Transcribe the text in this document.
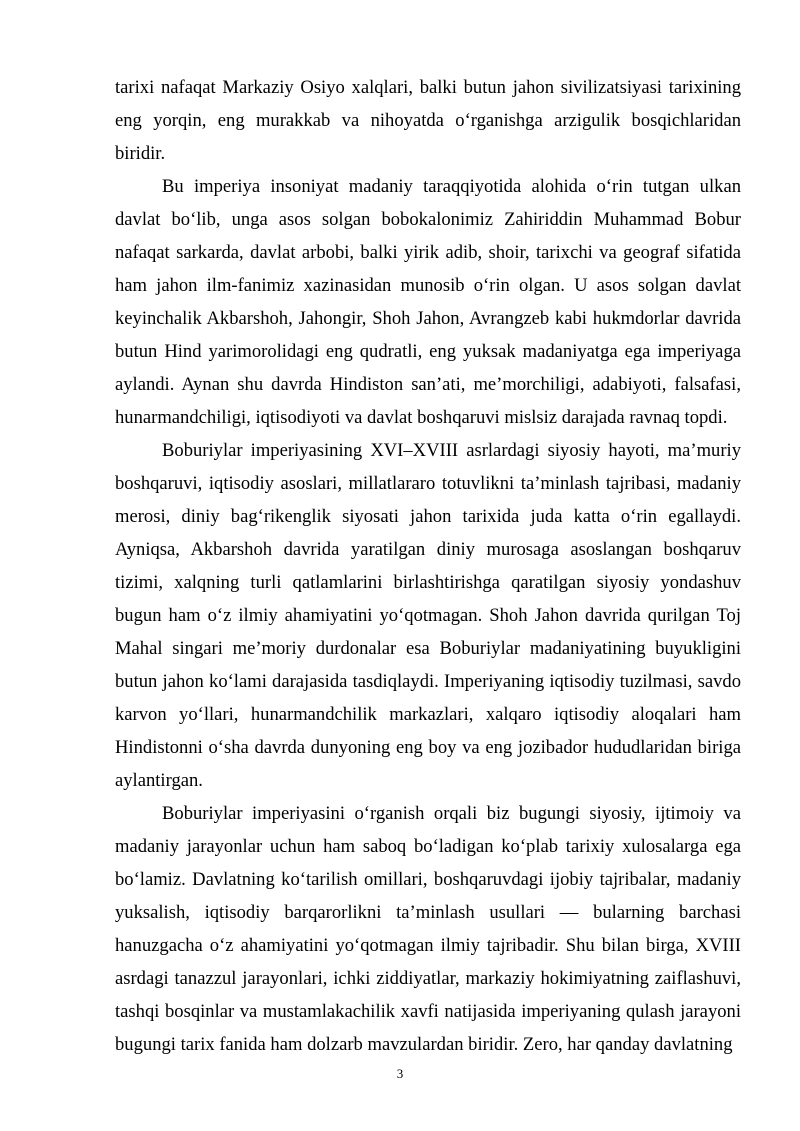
tarixi nafaqat Markaziy Osiyo xalqlari, balki butun jahon sivilizatsiyasi tarixining eng yorqin, eng murakkab va nihoyatda o‘rganishga arzigulik bosqichlaridan biridir.

Bu imperiya insoniyat madaniy taraqqiyotida alohida o‘rin tutgan ulkan davlat bo‘lib, unga asos solgan bobokalonimiz Zahiriddin Muhammad Bobur nafaqat sarkarda, davlat arbobi, balki yirik adib, shoir, tarixchi va geograf sifatida ham jahon ilm-fanimiz xazinasidan munosib o‘rin olgan. U asos solgan davlat keyinchalik Akbarshoh, Jahongir, Shoh Jahon, Avrangzeb kabi hukmdorlar davrida butun Hind yarimorolidagi eng qudratli, eng yuksak madaniyatga ega imperiyaga aylandi. Aynan shu davrda Hindiston san’ati, me’morchiligi, adabiyoti, falsafasi, hunarmandchiligi, iqtisodiyoti va davlat boshqaruvi mislsiz darajada ravnaq topdi.

Boburiylar imperiyasining XVI–XVIII asrlardagi siyosiy hayoti, ma’muriy boshqaruvi, iqtisodiy asoslari, millatlararo totuvlikni ta’minlash tajribasi, madaniy merosi, diniy bag‘rikenglik siyosati jahon tarixida juda katta o‘rin egallaydi. Ayniqsa, Akbarshoh davrida yaratilgan diniy murosaga asoslangan boshqaruv tizimi, xalqning turli qatlamlarini birlashtirishga qaratilgan siyosiy yondashuv bugun ham o‘z ilmiy ahamiyatini yo‘qotmagan. Shoh Jahon davrida qurilgan Toj Mahal singari me’moriy durdonalar esa Boburiylar madaniyatining buyukligini butun jahon ko‘lami darajasida tasdiqlaydi. Imperiyaning iqtisodiy tuzilmasi, savdo karvon yo‘llari, hunarmandchilik markazlari, xalqaro iqtisodiy aloqalari ham Hindistonni o‘sha davrda dunyoning eng boy va eng jozibador hududlaridan biriga aylantirgan.

Boburiylar imperiyasini o‘rganish orqali biz bugungi siyosiy, ijtimoiy va madaniy jarayonlar uchun ham saboq bo‘ladigan ko‘plab tarixiy xulosalarga ega bo‘lamiz. Davlatning ko‘tarilish omillari, boshqaruvdagi ijobiy tajribalar, madaniy yuksalish, iqtisodiy barqarorlikni ta’minlash usullari — bularning barchasi hanuzgacha o‘z ahamiyatini yo‘qotmagan ilmiy tajribadir. Shu bilan birga, XVIII asrdagi tanazzul jarayonlari, ichki ziddiyatlar, markaziy hokimiyatning zaiflashuvi, tashqi bosqinlar va mustamlakachilik xavfi natijasida imperiyaning qulash jarayoni bugungi tarix fanida ham dolzarb mavzulardan biridir. Zero, har qanday davlatning

3
